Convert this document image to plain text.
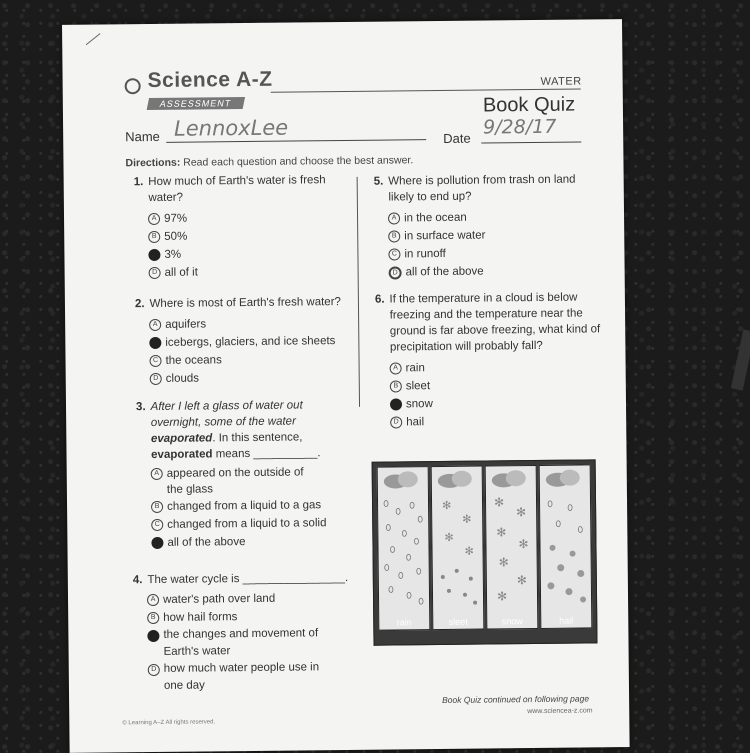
Science A-Z
ASSESSMENT
WATER
Book Quiz
Name LennoxLee	Date 9/28/17
Directions: Read each question and choose the best answer.
1. How much of Earth's water is fresh water?
A 97%
B 50%
C 3%
D all of it
2. Where is most of Earth's fresh water?
A aquifers
B icebergs, glaciers, and ice sheets
C the oceans
D clouds
3. After I left a glass of water out overnight, some of the water evaporated. In this sentence, evaporated means __________.
A appeared on the outside of the glass
B changed from a liquid to a gas
C changed from a liquid to a solid
D all of the above
4. The water cycle is ________________.
A water's path over land
B how hail forms
C the changes and movement of Earth's water
D how much water people use in one day
5. Where is pollution from trash on land likely to end up?
A in the ocean
B in surface water
C in runoff
D all of the above
6. If the temperature in a cloud is below freezing and the temperature near the ground is far above freezing, what kind of precipitation will probably fall?
A rain
B sleet
C snow
D hail
rain
✻
✻
✻
✻
sleet
✻
✻
✻
✻
✻
✻
✻
snow	hail
Book Quiz continued on following page
www.sciencea-z.com
© Learning A–Z All rights reserved.
